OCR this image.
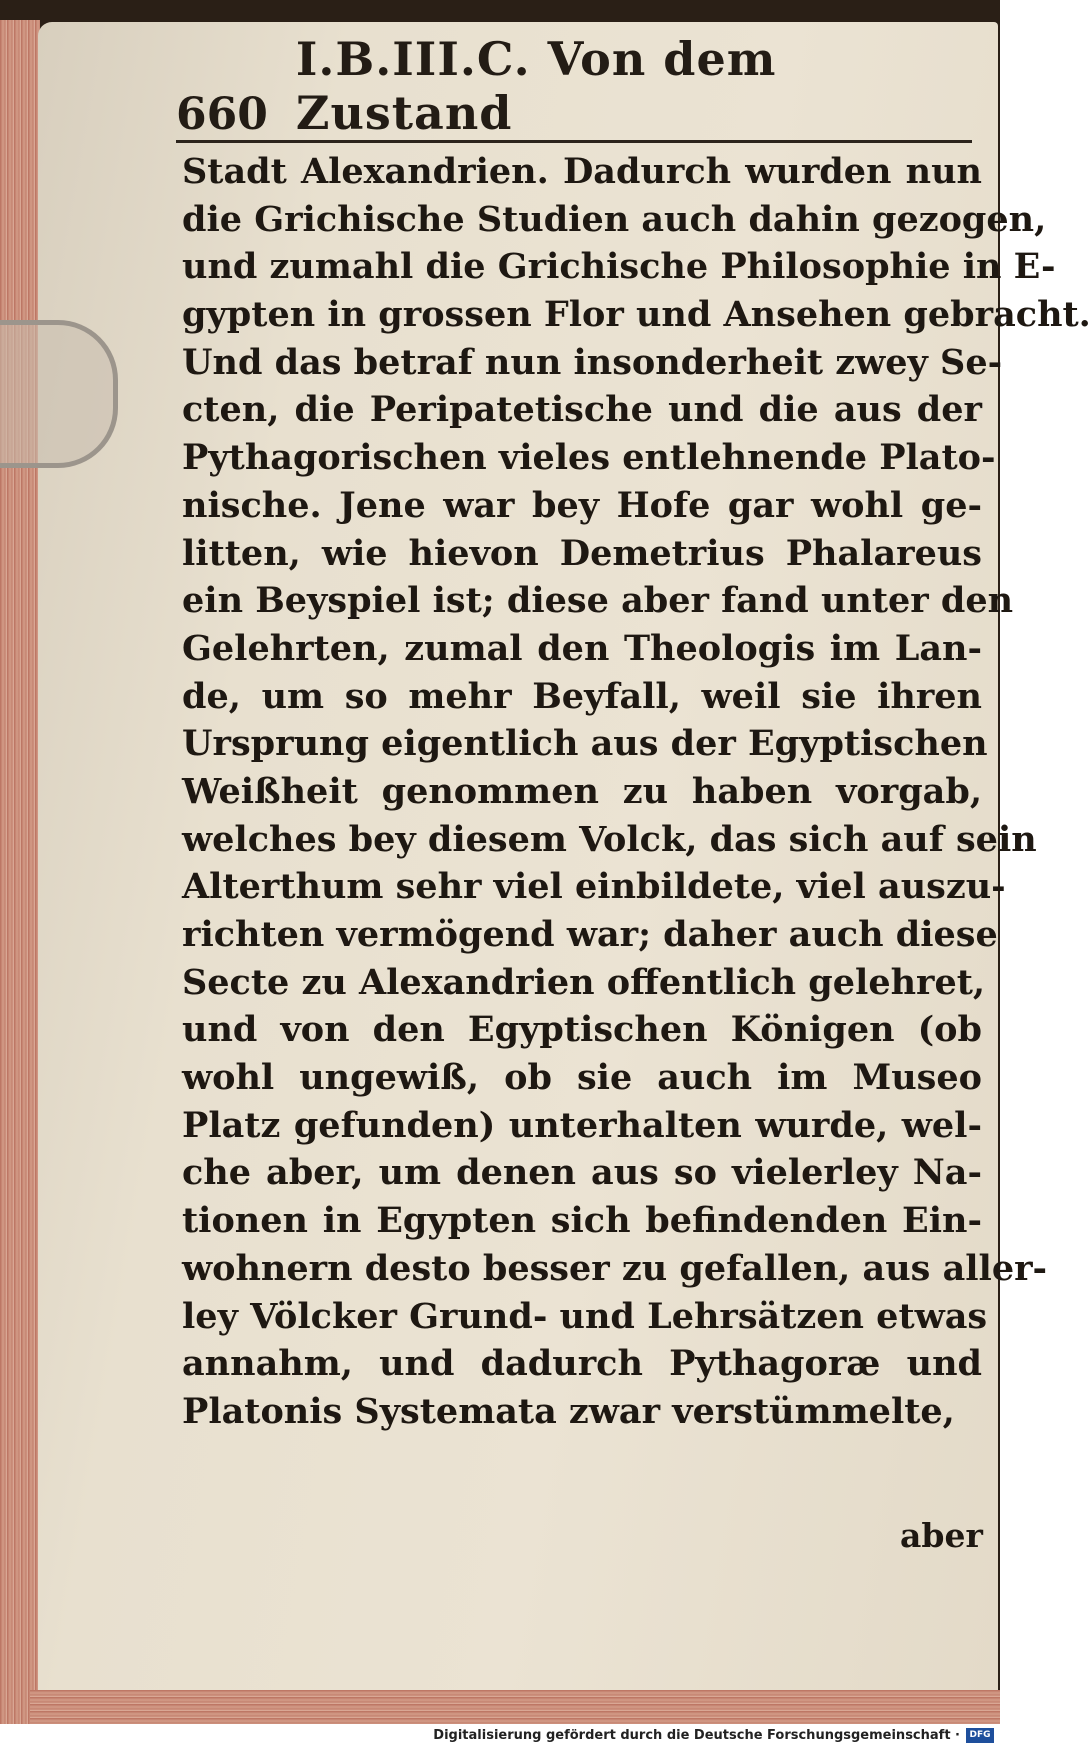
660
I.B.III.C. Von dem Zustand
Stadt Alexandrien. Dadurch wurden nun
die Grichische Studien auch dahin gezogen,
und zumahl die Grichische Philosophie in E-
gypten in grossen Flor und Ansehen gebracht.
Und das betraf nun insonderheit zwey Se-
cten, die Peripatetische und die aus der
Pythagorischen vieles entlehnende Plato-
nische. Jene war bey Hofe gar wohl ge-
litten, wie hievon Demetrius Phalareus
ein Beyspiel ist; diese aber fand unter den
Gelehrten, zumal den Theologis im Lan-
de, um so mehr Beyfall, weil sie ihren
Ursprung eigentlich aus der Egyptischen
Weißheit genommen zu haben vorgab,
welches bey diesem Volck, das sich auf sein
Alterthum sehr viel einbildete, viel auszu-
richten vermögend war; daher auch diese
Secte zu Alexandrien offentlich gelehret,
und von den Egyptischen Königen (ob
wohl ungewiß, ob sie auch im Museo
Platz gefunden) unterhalten wurde, wel-
che aber, um denen aus so vielerley Na-
tionen in Egypten sich befindenden Ein-
wohnern desto besser zu gefallen, aus aller-
ley Völcker Grund- und Lehrsätzen etwas
annahm, und dadurch Pythagoræ und
Platonis Systemata zwar verstümmelte,
aber
Digitalisierung gefördert durch die Deutsche Forschungsgemeinschaft ·	DFG
